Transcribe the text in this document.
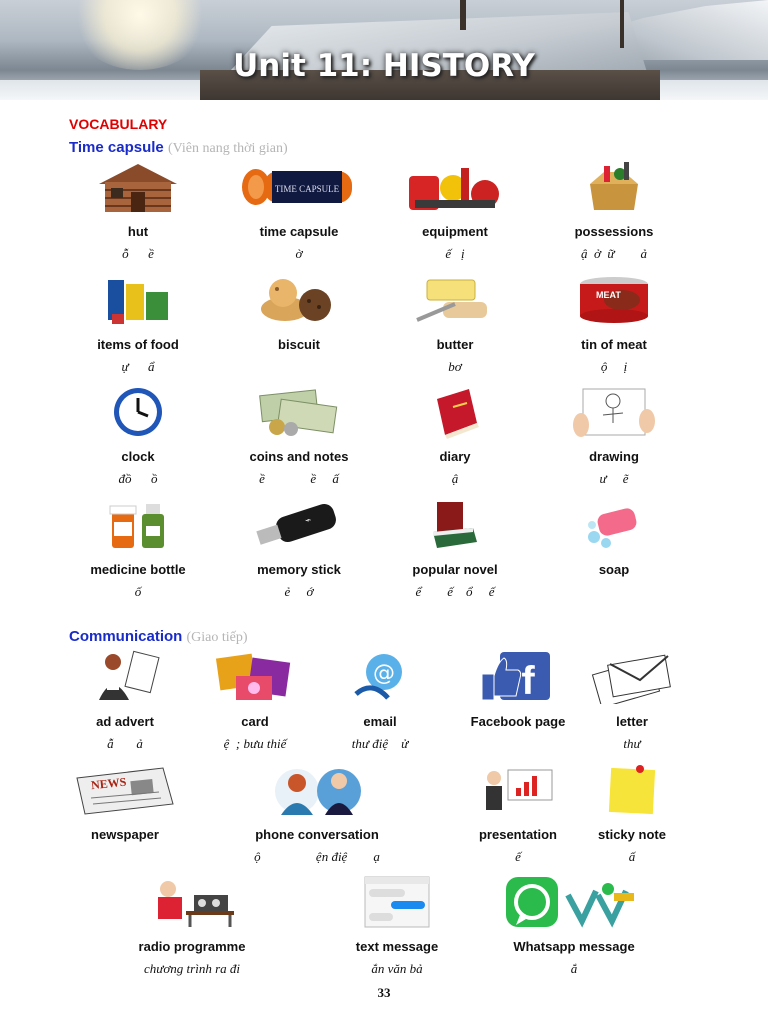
Unit 11: HISTORY
VOCABULARY
Time capsule (Viên nang thời gian)
hut
ỗ      ề
TIME CAPSULE
time capsule
ờ
equipment
ế   ị
possessions
ậ  ở  ữ        ả
items of food
ự      ẩ
biscuit	butter
bơ
MEAT
tin of meat
ộ     ị
clock
đồ      ồ
coins and notes
ề              ề     ấ
diary
ậ
drawing
ư     ẽ
medicine bottle
ố
⌁
memory stick
ẻ     ớ
popular novel
ể        ế    ổ     ế
soap
Communication (Giao tiếp)
ad advert
ẫ       ả
card
ệ  ; bưu thiế
@
email
thư điệ    ử
f
Facebook page	letter
thư
NEWS
newspaper	phone conversation
ộ                 ện điệ        ạ
presentation
ế
sticky note
ấ
radio programme
chương trình ra đi
text message
ắn văn bả
Whatsapp message
ắ
33
